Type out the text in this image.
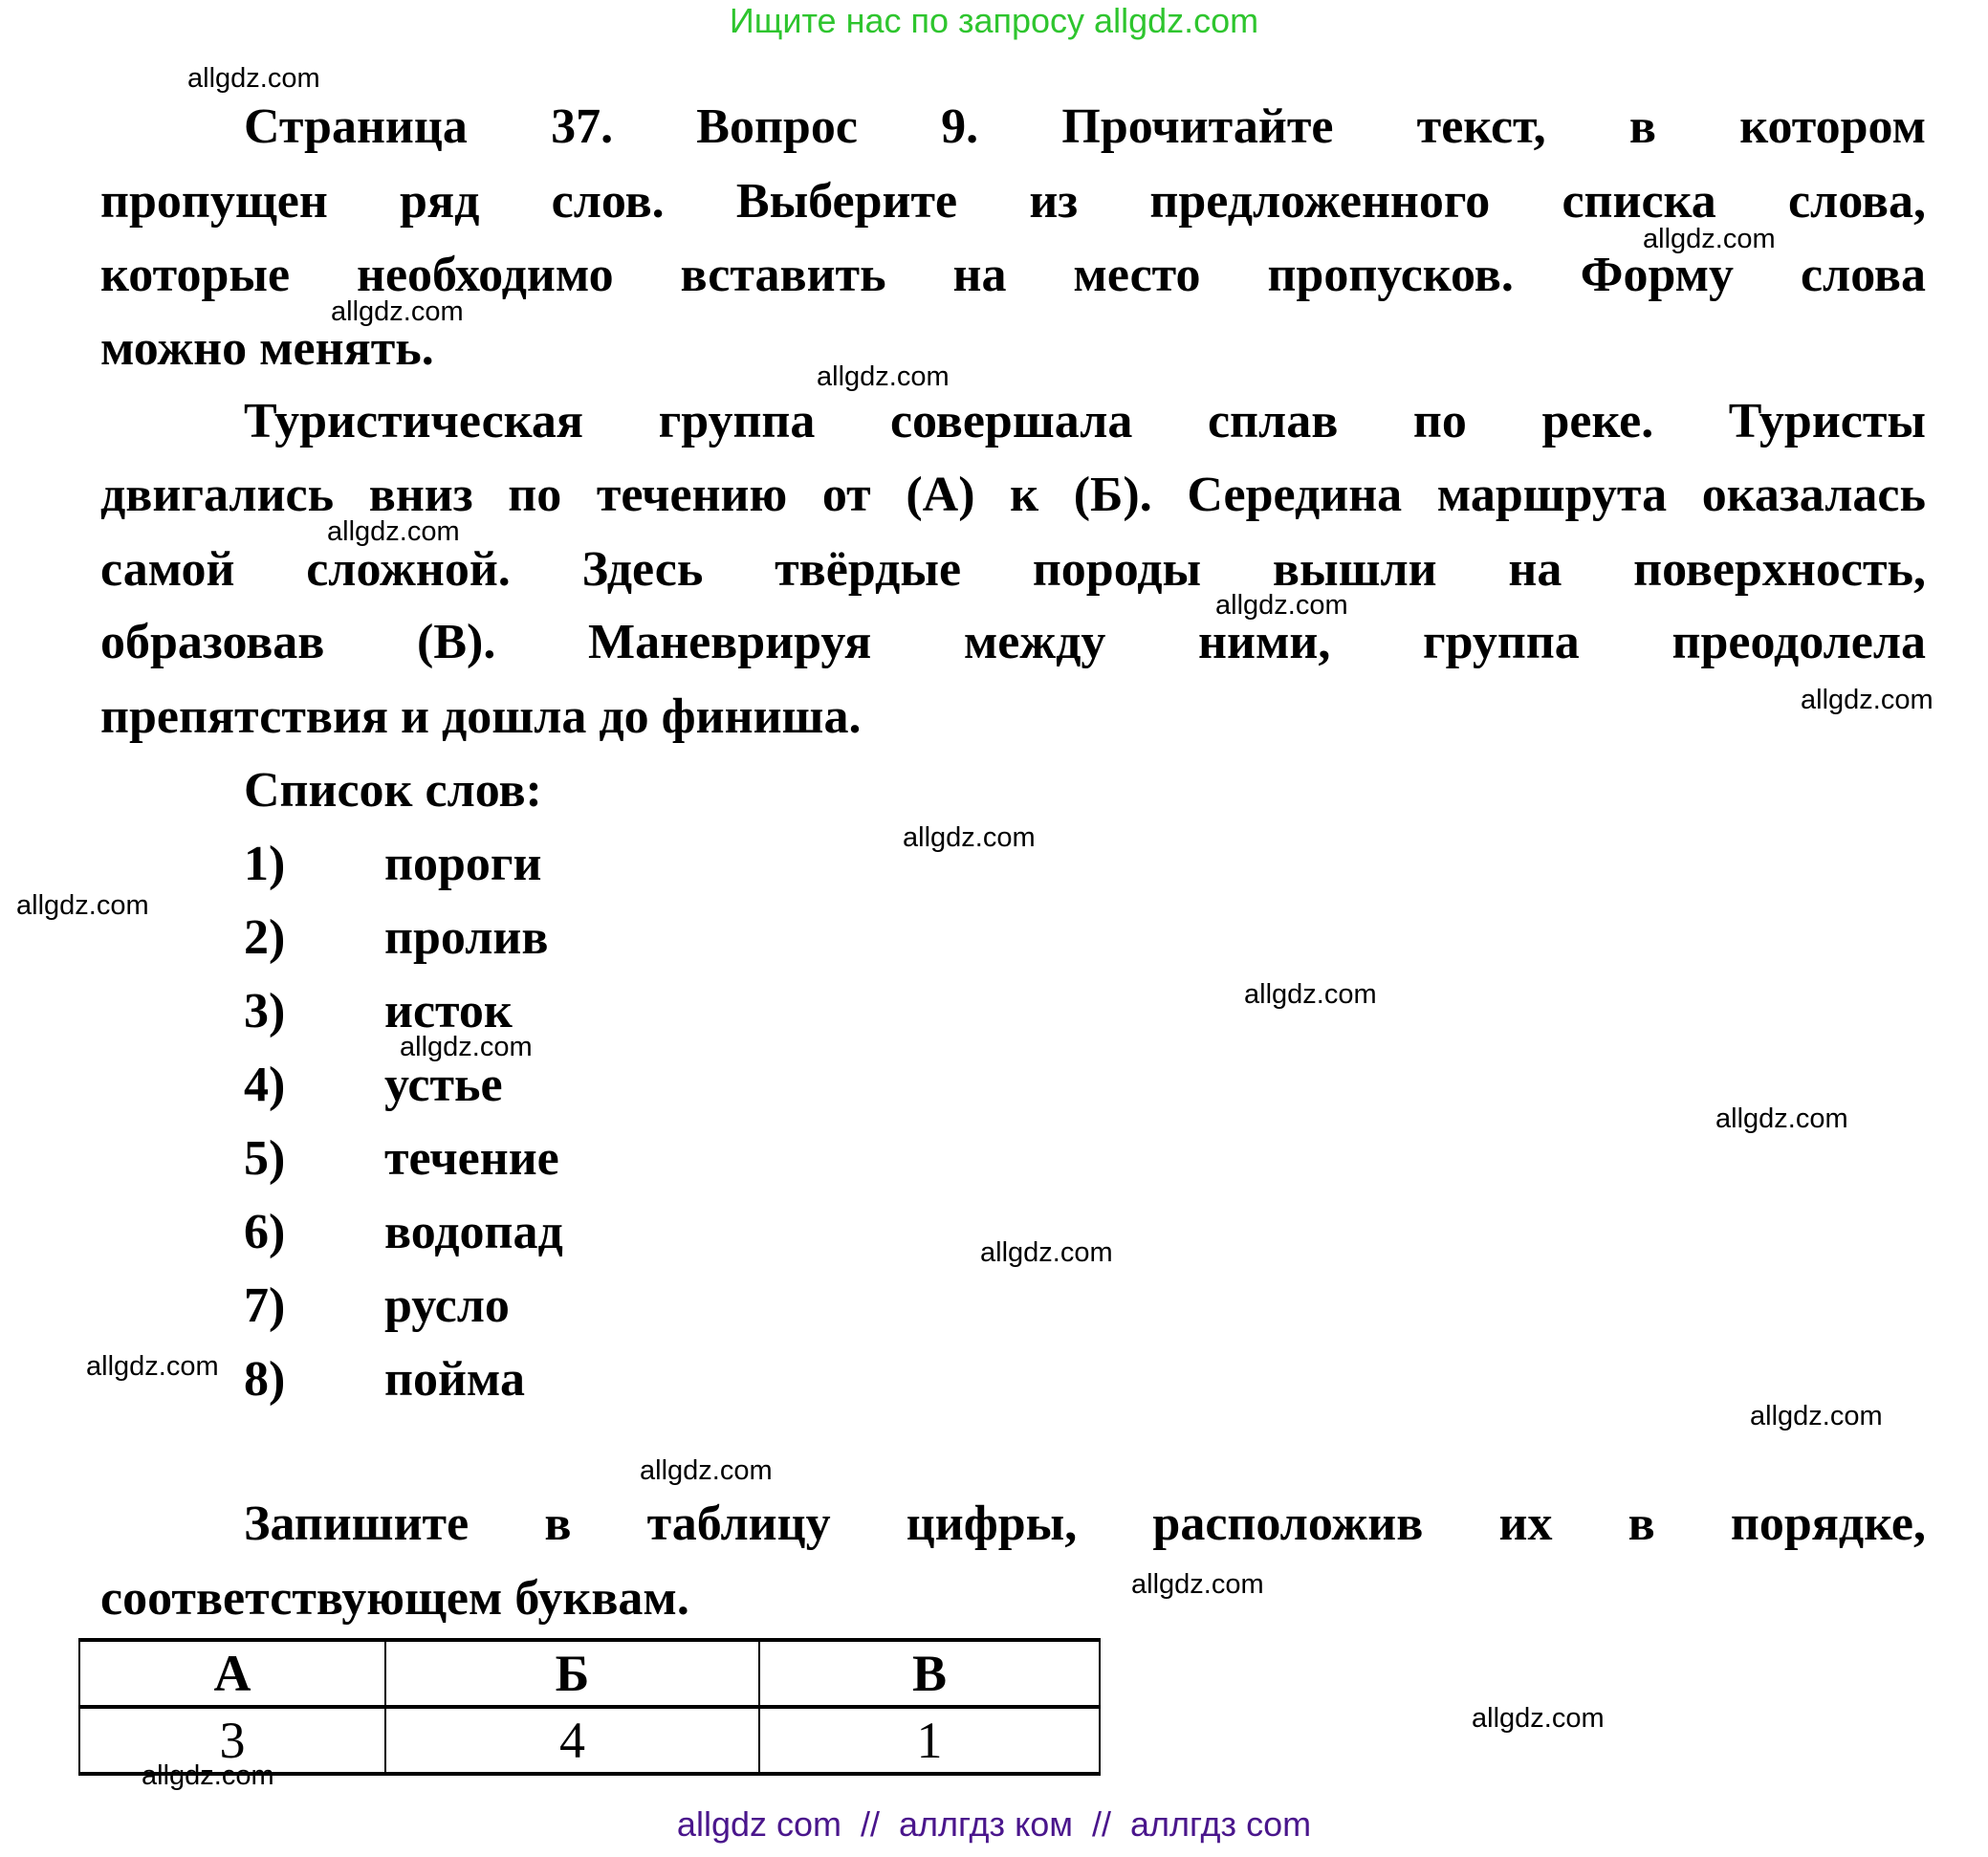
Ищите нас по запросу allgdz.com
Страница 37. Вопрос 9. Прочитайте текст, в котором
пропущен ряд слов. Выберите из предложенного списка слова,
которые необходимо вставить на место пропусков. Форму слова
можно менять.
Туристическая группа совершала сплав по реке. Туристы
двигались вниз по течению от (А) к (Б). Середина маршрута оказалась
самой сложной. Здесь твёрдые породы вышли на поверхность,
образовав (В). Маневрируя между ними, группа преодолела
препятствия и дошла до финиша.
Список слов:
1) пороги
2) пролив
3) исток
4) устье
5) течение
6) водопад
7) русло
8) пойма
Запишите в таблицу цифры, расположив их в порядке,
соответствующем буквам.
А	Б	В
3	4	1
allgdz.com
allgdz.com
allgdz.com
allgdz.com
allgdz.com
allgdz.com
allgdz.com
allgdz.com
allgdz.com
allgdz.com
allgdz.com
allgdz.com
allgdz.com
allgdz.com
allgdz.com
allgdz.com
allgdz.com
allgdz.com
allgdz.com
allgdz com  //  аллгдз ком  //  аллгдз com
